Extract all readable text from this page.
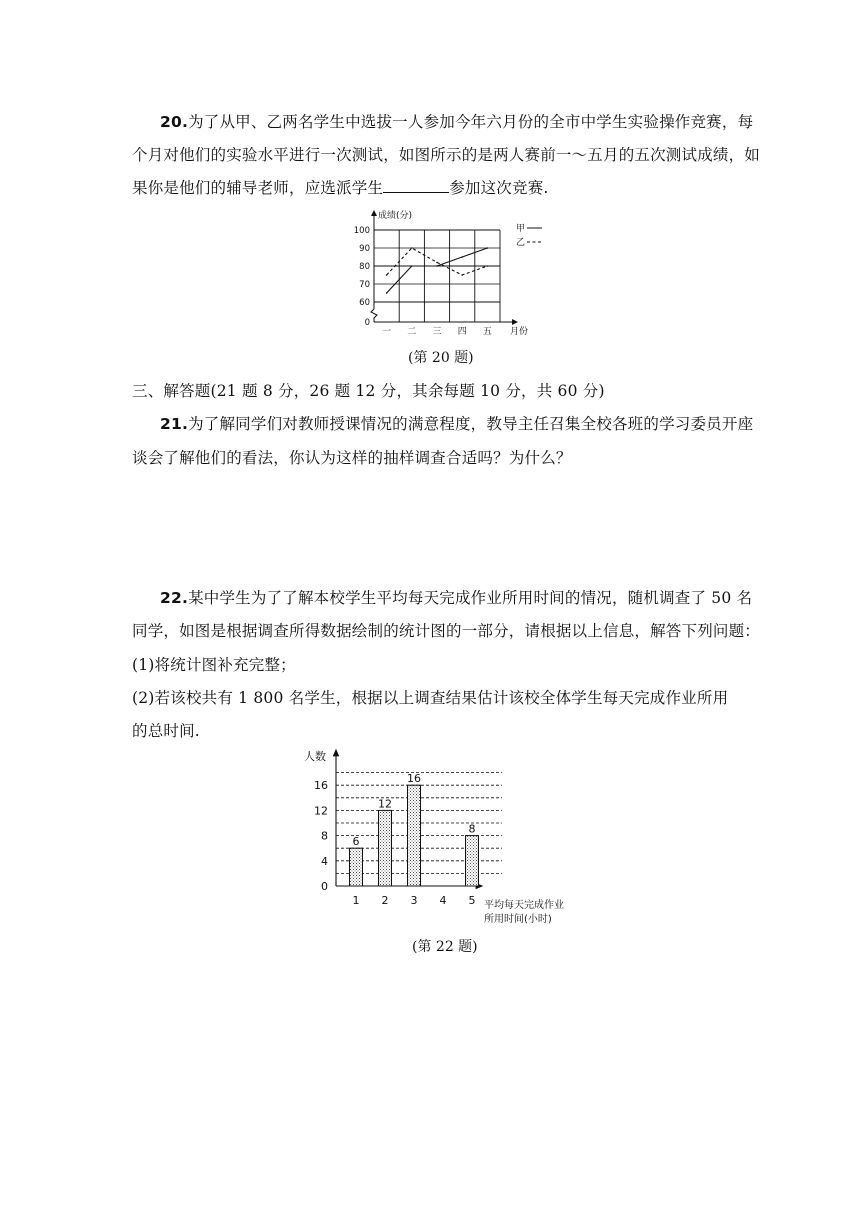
20.为了从甲、乙两名学生中选拔一人参加今年六月份的全市中学生实验操作竞赛，每
个月对他们的实验水平进行一次测试，如图所示的是两人赛前一～五月的五次测试成绩，如
果你是他们的辅导老师，应选派学生	参加这次竞赛.
成绩(分)
月份
0
60
70
80
90
100
一 二 三 四 五
甲
乙
(第 20 题)
三、解答题(21 题 8 分，26 题 12 分，其余每题 10 分，共 60 分)
21.为了解同学们对教师授课情况的满意程度，教导主任召集全校各班的学习委员开座
谈会了解他们的看法，你认为这样的抽样调查合适吗？为什么？
22.某中学生为了了解本校学生平均每天完成作业所用时间的情况，随机调查了 50 名
同学，如图是根据调查所得数据绘制的统计图的一部分，请根据以上信息，解答下列问题：
(1)将统计图补充完整；
(2)若该校共有 1 800 名学生，根据以上调查结果估计该校全体学生每天完成作业所用
的总时间.
人数
平均每天完成作业
所用时间(小时)
0
4
8
12
16
1
6
2
12
3
16
4 5
8
(第 22 题)
